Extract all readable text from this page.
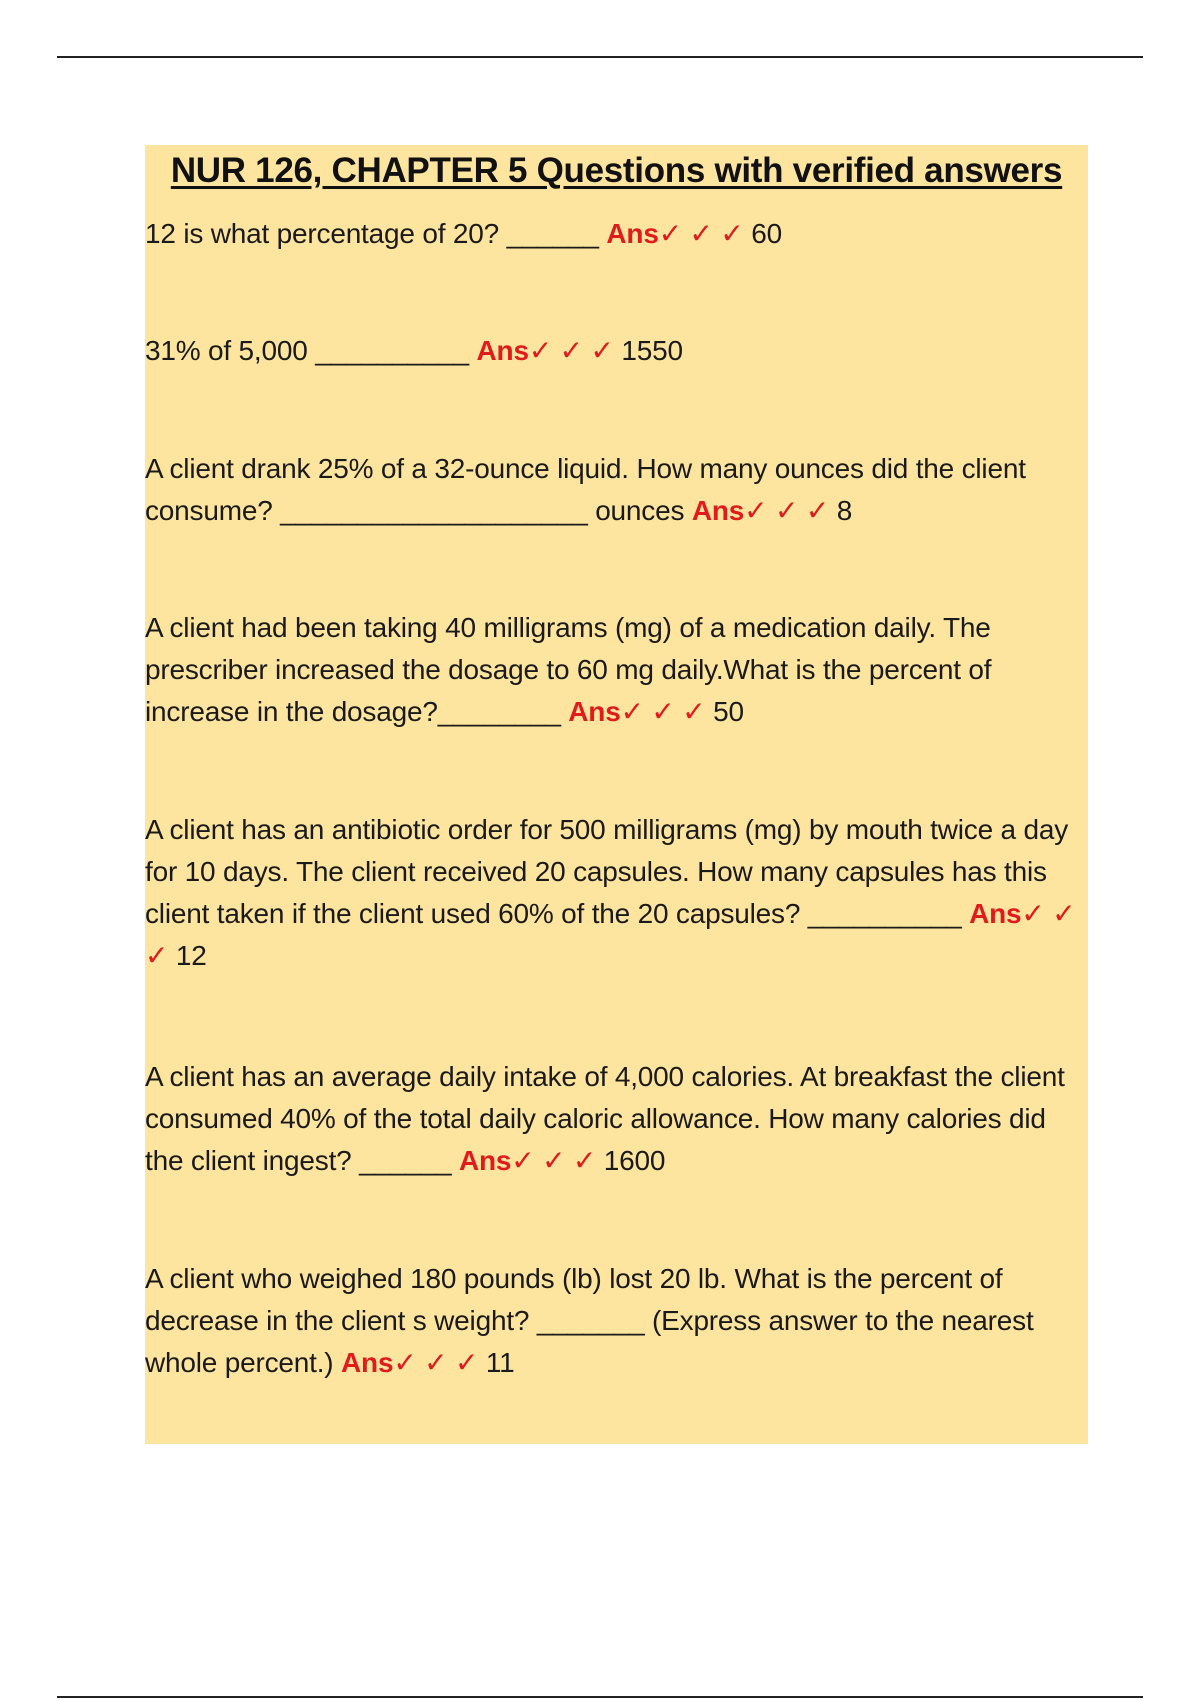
NUR 126, CHAPTER 5 Questions with verified answers
12 is what percentage of 20? ______ Ans✓ ✓ ✓ 60
31% of 5,000 __________ Ans✓ ✓ ✓ 1550
A client drank 25% of a 32-ounce liquid. How many ounces did the client consume? ____________________ ounces Ans✓ ✓ ✓ 8
A client had been taking 40 milligrams (mg) of a medication daily. The prescriber increased the dosage to 60 mg daily.What is the percent of increase in the dosage?________ Ans✓ ✓ ✓ 50
A client has an antibiotic order for 500 milligrams (mg) by mouth twice a day for 10 days. The client received 20 capsules. How many capsules has this client taken if the client used 60% of the 20 capsules? __________ Ans✓ ✓ ✓ 12
A client has an average daily intake of 4,000 calories. At breakfast the client consumed 40% of the total daily caloric allowance. How many calories did the client ingest? ______ Ans✓ ✓ ✓ 1600
A client who weighed 180 pounds (lb) lost 20 lb. What is the percent of decrease in the client s weight? _______ (Express answer to the nearest whole percent.) Ans✓ ✓ ✓ 11
